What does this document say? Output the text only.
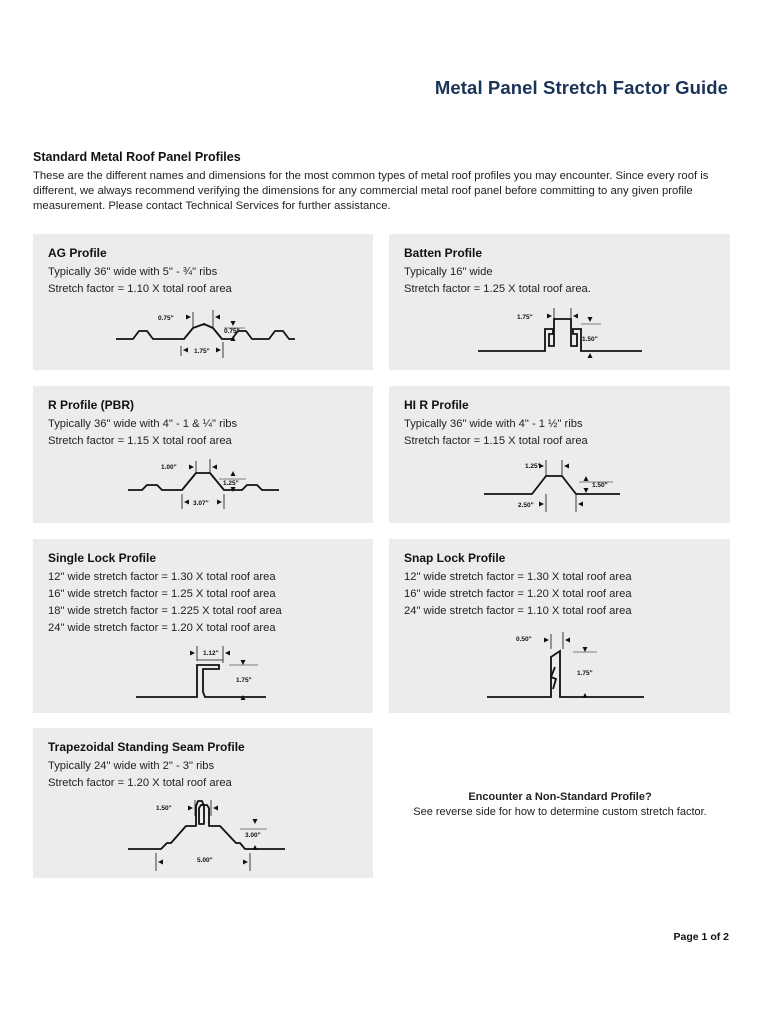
Metal Panel Stretch Factor Guide
Standard Metal Roof Panel Profiles
These are the different names and dimensions for the most common types of metal roof profiles you may encounter. Since every roof is different, we always recommend verifying the dimensions for any commercial metal roof panel before committing to any given profile measurement. Please contact Technical Services for further assistance.
AG Profile
Typically 36" wide with 5" - ¾" ribs
Stretch factor = 1.10 X total roof area
0.75"
0.75"
1.75"
Batten Profile
Typically 16" wide
Stretch factor = 1.25 X total roof area.
1.75"
1.50"
R Profile (PBR)
Typically 36" wide with 4" - 1 & ¼" ribs
Stretch factor = 1.15 X total roof area
1.00"
1.25"
3.07"
HI R Profile
Typically 36" wide with 4" - 1 ½" ribs
Stretch factor = 1.15 X total roof area
1.25"
1.50"
2.50"
Single Lock Profile
12" wide stretch factor = 1.30 X total roof area
16" wide stretch factor = 1.25 X total roof area
18" wide stretch factor = 1.225 X total roof area
24" wide stretch factor = 1.20 X total roof area
1.12"
1.75"
Snap Lock Profile
12" wide stretch factor = 1.30 X total roof area
16" wide stretch factor = 1.20 X total roof area
24" wide stretch factor = 1.10 X total roof area
0.50"
1.75"
Trapezoidal Standing Seam Profile
Typically 24" wide with 2" - 3" ribs
Stretch factor = 1.20 X total roof area
1.50"
3.00"
5.00"
Encounter a Non-Standard Profile?
See reverse side for how to determine custom stretch factor.
Page 1 of 2
